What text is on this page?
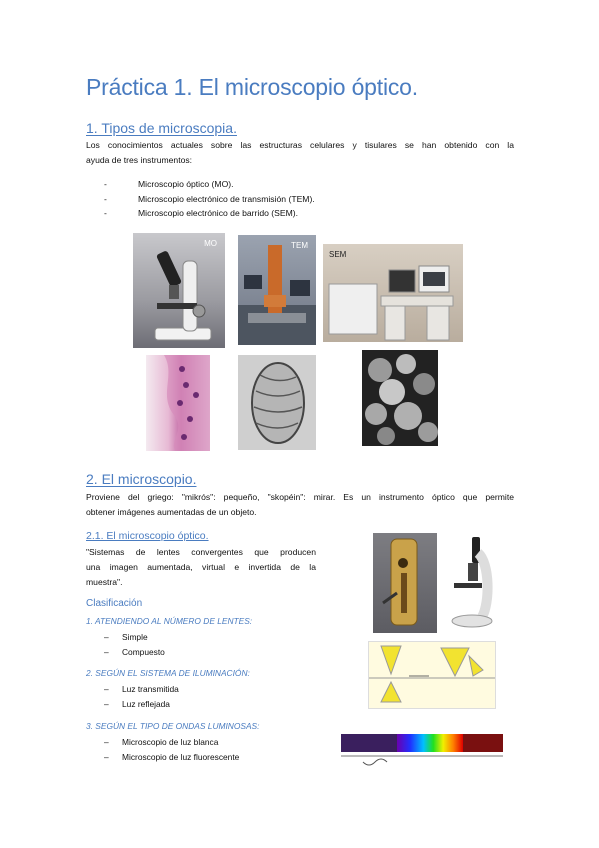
Práctica 1. El microscopio óptico.
1. Tipos de microscopia.
Los conocimientos actuales sobre las estructuras celulares y tisulares se han obtenido con la
ayuda de tres instrumentos:
-	Microscopio óptico (MO).
-	Microscopio electrónico de transmisión (TEM).
-	Microscopio electrónico de barrido (SEM).
MO	TEM
SEM
2. El microscopio.
Proviene del griego: "mikrós": pequeño, "skopéin": mirar. Es un instrumento óptico que permite
obtener imágenes aumentadas de un objeto.
2.1. El microscopio óptico.
"Sistemas de lentes convergentes que producen
una imagen aumentada, virtual e invertida de la
muestra".
Clasificación
1. ATENDIENDO AL NÚMERO DE LENTES:
–	Simple
–	Compuesto
2. SEGÚN EL SISTEMA DE ILUMINACIÓN:
–	Luz transmitida
–	Luz reflejada
3. SEGÚN EL TIPO DE ONDAS LUMINOSAS:
–	Microscopio de luz blanca
–	Microscopio de luz fluorescente
